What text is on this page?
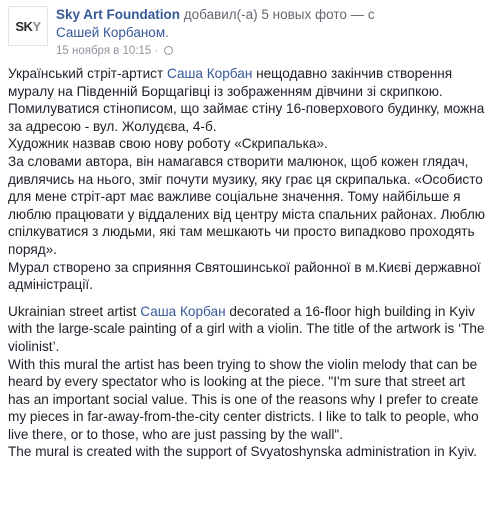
S K Y
Sky Art Foundation добавил(-а) 5 новых фото — с
Сашей Корбаном.
15 ноября в 10:15 ·

Український стріт-артист Саша Корбан нещодавно закінчив створення муралу на Південній Борщагівці із зображенням дівчини зі скрипкою. Помилуватися стінописом, що займає стіну 16-поверхового будинку, можна за адресою - вул. Жолудєва, 4-б.

Художник назвав свою нову роботу «Скрипалька».

За словами автора, він намагався створити малюнок, щоб кожен глядач, дивлячись на нього, зміг почути музику, яку грає ця скрипалька. «Особисто для мене стріт-арт має важливе соціальне значення. Тому найбільше я люблю працювати у віддалених від центру міста спальних районах. Люблю спілкуватися з людьми, які там мешкають чи просто випадково проходять поряд».

Мурал створено за сприяння Святошинської районної в м.Києві державної адміністрації.

Ukrainian street artist Саша Корбан decorated a 16-floor high building in Kyiv with the large-scale painting of a girl with a violin. The title of the artwork is ‘The violinist’.

With this mural the artist has been trying to show the violin melody that can be heard by every spectator who is looking at the piece. "I'm sure that street art has an important social value. This is one of the reasons why I prefer to create my pieces in far-away-from-the-city center districts. I like to talk to people, who live there, or to those, who are just passing by the wall".

The mural is created with the support of Svyatoshynska administration in Kyiv.
